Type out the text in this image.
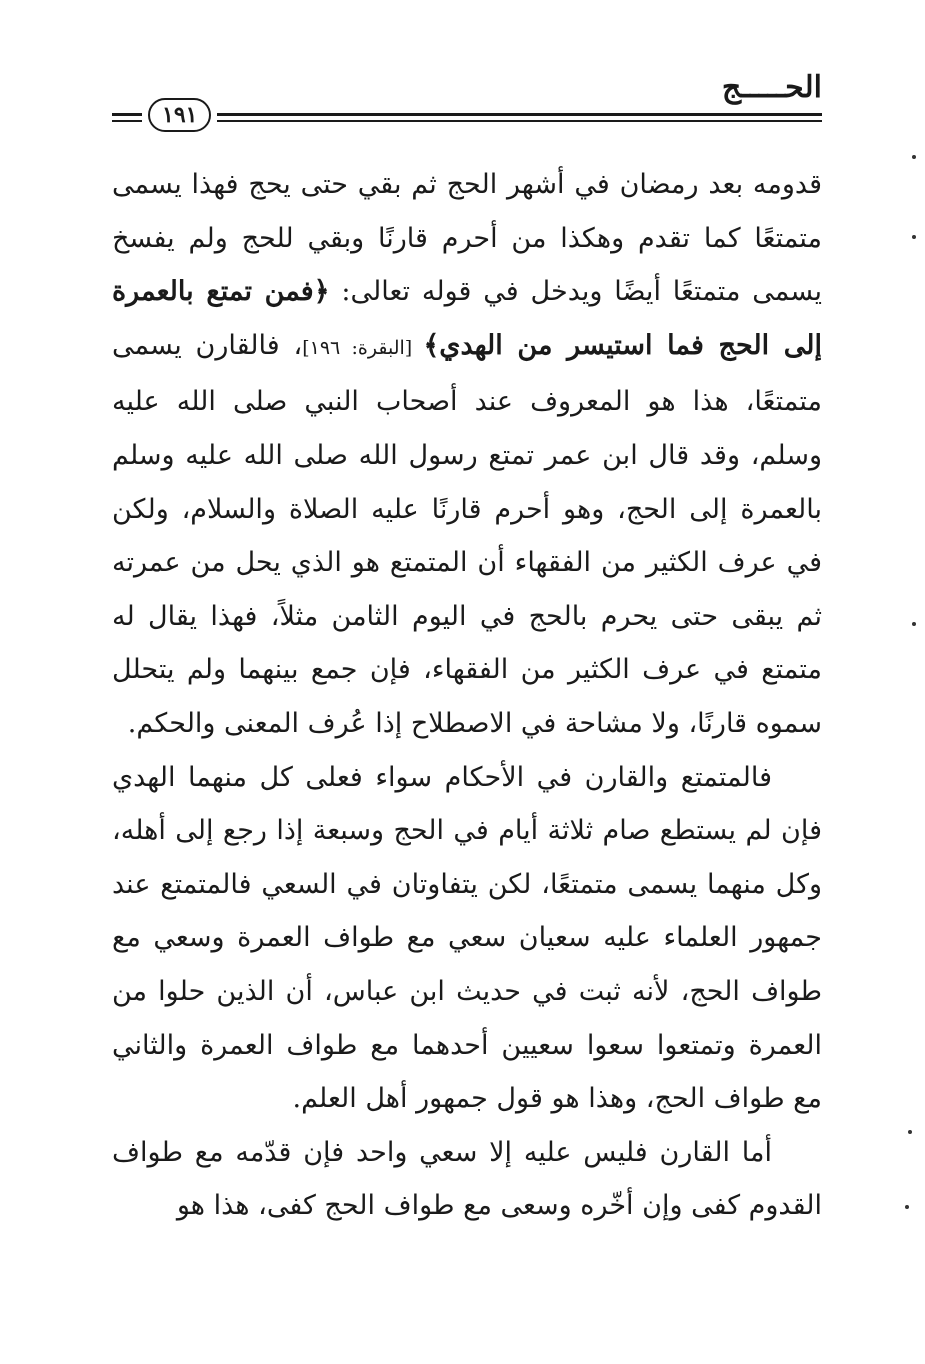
الحـــــج
١٩١

قدومه بعد رمضان في أشهر الحج ثم بقي حتى يحج فهذا يسمى متمتعًا كما تقدم وهكذا من أحرم قارنًا وبقي للحج ولم يفسخ يسمى متمتعًا أيضًا ويدخل في قوله تعالى: ﴿فمن تمتع بالعمرة إلى الحج فما استيسر من الهدي﴾ [البقرة: ١٩٦]، فالقارن يسمى متمتعًا، هذا هو المعروف عند أصحاب النبي صلى الله عليه وسلم، وقد قال ابن عمر تمتع رسول الله صلى الله عليه وسلم بالعمرة إلى الحج، وهو أحرم قارنًا عليه الصلاة والسلام، ولكن في عرف الكثير من الفقهاء أن المتمتع هو الذي يحل من عمرته ثم يبقى حتى يحرم بالحج في اليوم الثامن مثلاً، فهذا يقال له متمتع في عرف الكثير من الفقهاء، فإن جمع بينهما ولم يتحلل سموه قارنًا، ولا مشاحة في الاصطلاح إذا عُرف المعنى والحكم.

فالمتمتع والقارن في الأحكام سواء فعلى كل منهما الهدي فإن لم يستطع صام ثلاثة أيام في الحج وسبعة إذا رجع إلى أهله، وكل منهما يسمى متمتعًا، لكن يتفاوتان في السعي فالمتمتع عند جمهور العلماء عليه سعيان سعي مع طواف العمرة وسعي مع طواف الحج، لأنه ثبت في حديث ابن عباس، أن الذين حلوا من العمرة وتمتعوا سعوا سعيين أحدهما مع طواف العمرة والثاني مع طواف الحج، وهذا هو قول جمهور أهل العلم.

أما القارن فليس عليه إلا سعي واحد فإن قدّمه مع طواف القدوم كفى وإن أخّره وسعى مع طواف الحج كفى، هذا هو
